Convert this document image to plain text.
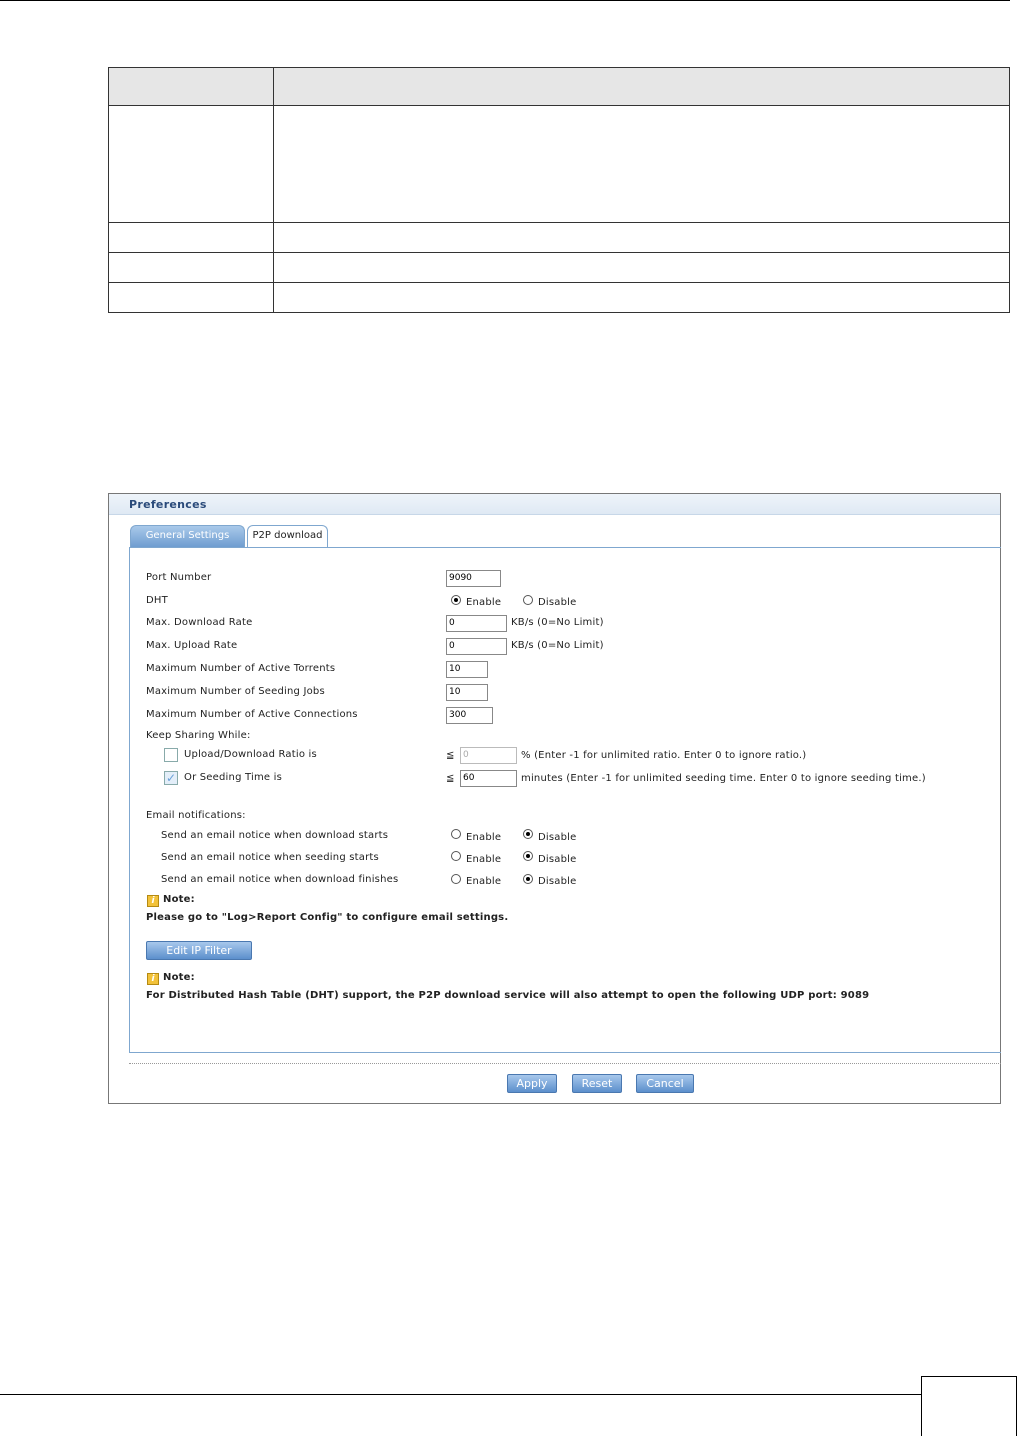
Preferences
General Settings	P2P download
Port Number	9090
DHT	Enable	Disable
Max. Download Rate	0	KB/s (0=No Limit)
Max. Upload Rate	0	KB/s (0=No Limit)
Maximum Number of Active Torrents	10
Maximum Number of Seeding Jobs	10
Maximum Number of Active Connections	300
Keep Sharing While:
Upload/Download Ratio is	≦ 0	% (Enter -1 for unlimited ratio. Enter 0 to ignore ratio.)
✓ Or Seeding Time is	≦ 60	minutes (Enter -1 for unlimited seeding time. Enter 0 to ignore seeding time.)
Email notifications:
Send an email notice when download starts	Enable	Disable
Send an email notice when seeding starts	Enable	Disable
Send an email notice when download finishes	Enable	Disable
i Note:
Please go to "Log>Report Config" to configure email settings.
Edit IP Filter
i Note:
For Distributed Hash Table (DHT) support, the P2P download service will also attempt to open the following UDP port: 9089
Apply	Reset	Cancel
